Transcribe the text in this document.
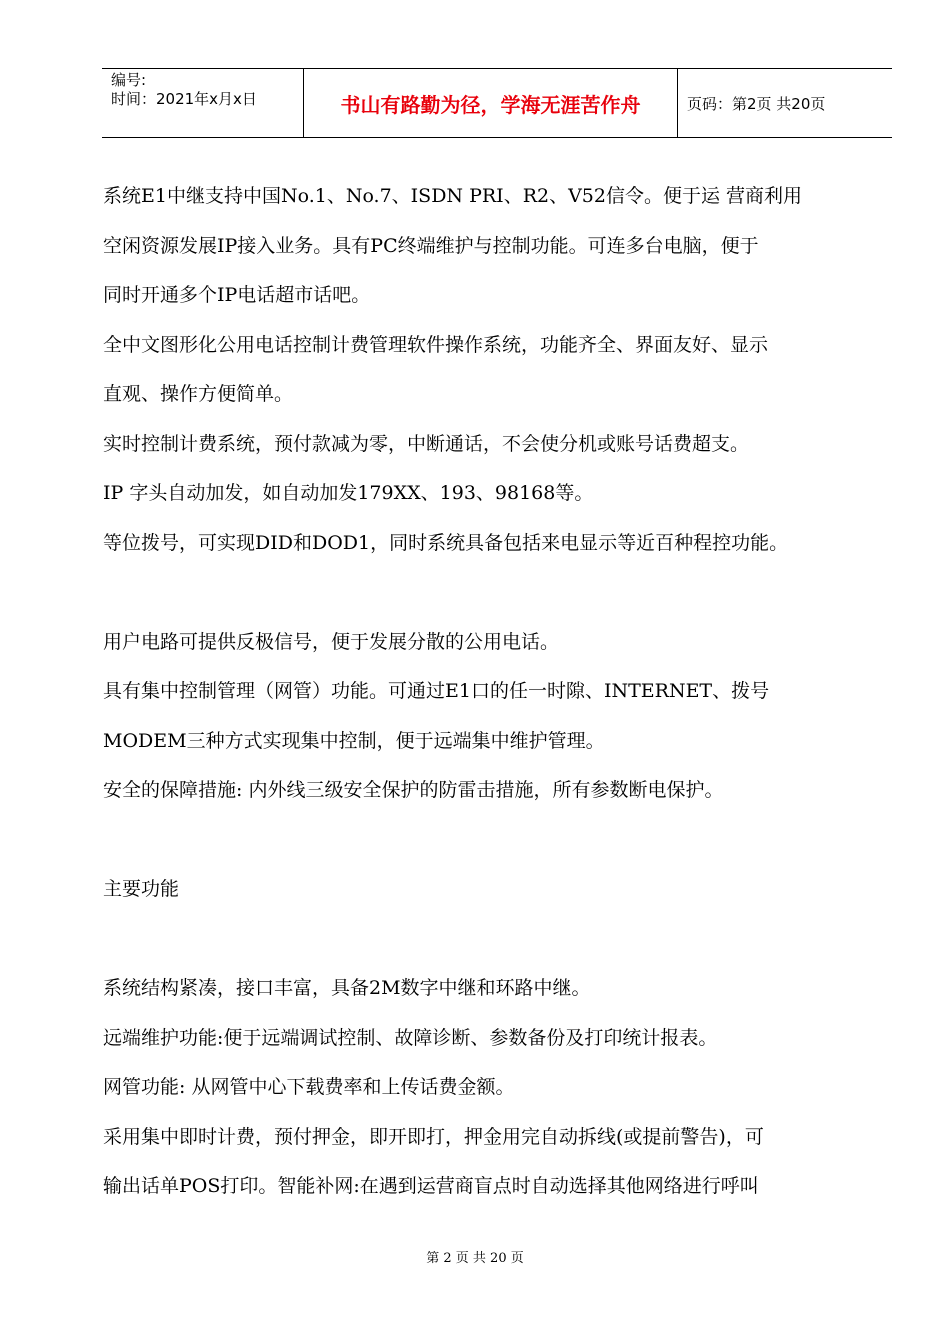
编号:
时间：2021年x月x日	书山有路勤为径，学海无涯苦作舟	页码：第2页 共20页
系统E1中继支持中国No.1、No.7、ISDN PRI、R2、V52信令。便于运 营商利用
空闲资源发展IP接入业务。具有PC终端维护与控制功能。可连多台电脑，便于
同时开通多个IP电话超市话吧。
全中文图形化公用电话控制计费管理软件操作系统，功能齐全、界面友好、显示
直观、操作方便简单。
实时控制计费系统，预付款减为零，中断通话，不会使分机或账号话费超支。
IP 字头自动加发，如自动加发179XX、193、98168等。
等位拨号，可实现DID和DOD1，同时系统具备包括来电显示等近百种程控功能。
用户电路可提供反极信号，便于发展分散的公用电话。
具有集中控制管理（网管）功能。可通过E1口的任一时隙、INTERNET、拨号
MODEM三种方式实现集中控制，便于远端集中维护管理。
安全的保障措施: 内外线三级安全保护的防雷击措施，所有参数断电保护。
主要功能
系统结构紧凑，接口丰富，具备2M数字中继和环路中继。
远端维护功能:便于远端调试控制、故障诊断、参数备份及打印统计报表。
网管功能: 从网管中心下载费率和上传话费金额。
采用集中即时计费，预付押金，即开即打，押金用完自动拆线(或提前警告)，可
输出话单POS打印。智能补网:在遇到运营商盲点时自动选择其他网络进行呼叫
第 2 页 共 20 页
